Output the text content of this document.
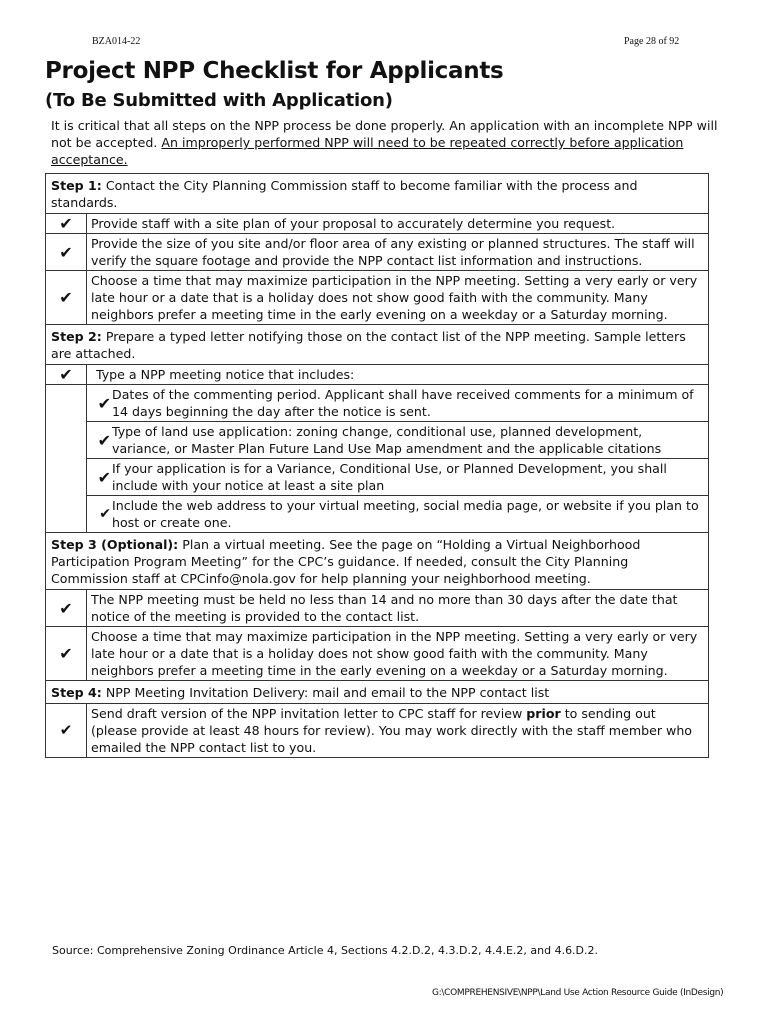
BZA014-22	Page 28 of 92
Project NPP Checklist for Applicants
(To Be Submitted with Application)

It is critical that all steps on the NPP process be done properly. An application with an incomplete NPP will not be accepted. An improperly performed NPP will need to be repeated correctly before application acceptance.

Step 1: Contact the City Planning Commission staff to become familiar with the process and standards.
✔	Provide staff with a site plan of your proposal to accurately determine you request.
✔	Provide the size of you site and/or floor area of any existing or planned structures. The staff will verify the square footage and provide the NPP contact list information and instructions.
✔	Choose a time that may maximize participation in the NPP meeting. Setting a very early or very late hour or a date that is a holiday does not show good faith with the community. Many neighbors prefer a meeting time in the early evening on a weekday or a Saturday morning.
Step 2: Prepare a typed letter notifying those on the contact list of the NPP meeting. Sample letters are attached.
✔	Type a NPP meeting notice that includes:

✔	Dates of the commenting period. Applicant shall have received comments for a minimum of 14 days beginning the day after the notice is sent.

✔	Type of land use application: zoning change, conditional use, planned development, variance, or Master Plan Future Land Use Map amendment and the applicable citations

✔	If your application is for a Variance, Conditional Use, or Planned Development, you shall include with your notice at least a site plan

✔	Include the web address to your virtual meeting, social media page, or website if you plan to host or create one.

Step 3 (Optional): Plan a virtual meeting. See the page on “Holding a Virtual Neighborhood Participation Program Meeting” for the CPC’s guidance. If needed, consult the City Planning Commission staff at CPCinfo@nola.gov for help planning your neighborhood meeting.
✔	The NPP meeting must be held no less than 14 and no more than 30 days after the date that notice of the meeting is provided to the contact list.
✔	Choose a time that may maximize participation in the NPP meeting. Setting a very early or very late hour or a date that is a holiday does not show good faith with the community. Many neighbors prefer a meeting time in the early evening on a weekday or a Saturday morning.
Step 4: NPP Meeting Invitation Delivery: mail and email to the NPP contact list
✔	Send draft version of the NPP invitation letter to CPC staff for review prior to sending out (please provide at least 48 hours for review). You may work directly with the staff member who emailed the NPP contact list to you.
Source: Comprehensive Zoning Ordinance Article 4, Sections 4.2.D.2, 4.3.D.2, 4.4.E.2, and 4.6.D.2.
G:\COMPREHENSIVE\NPP\Land Use Action Resource Guide (InDesign)
